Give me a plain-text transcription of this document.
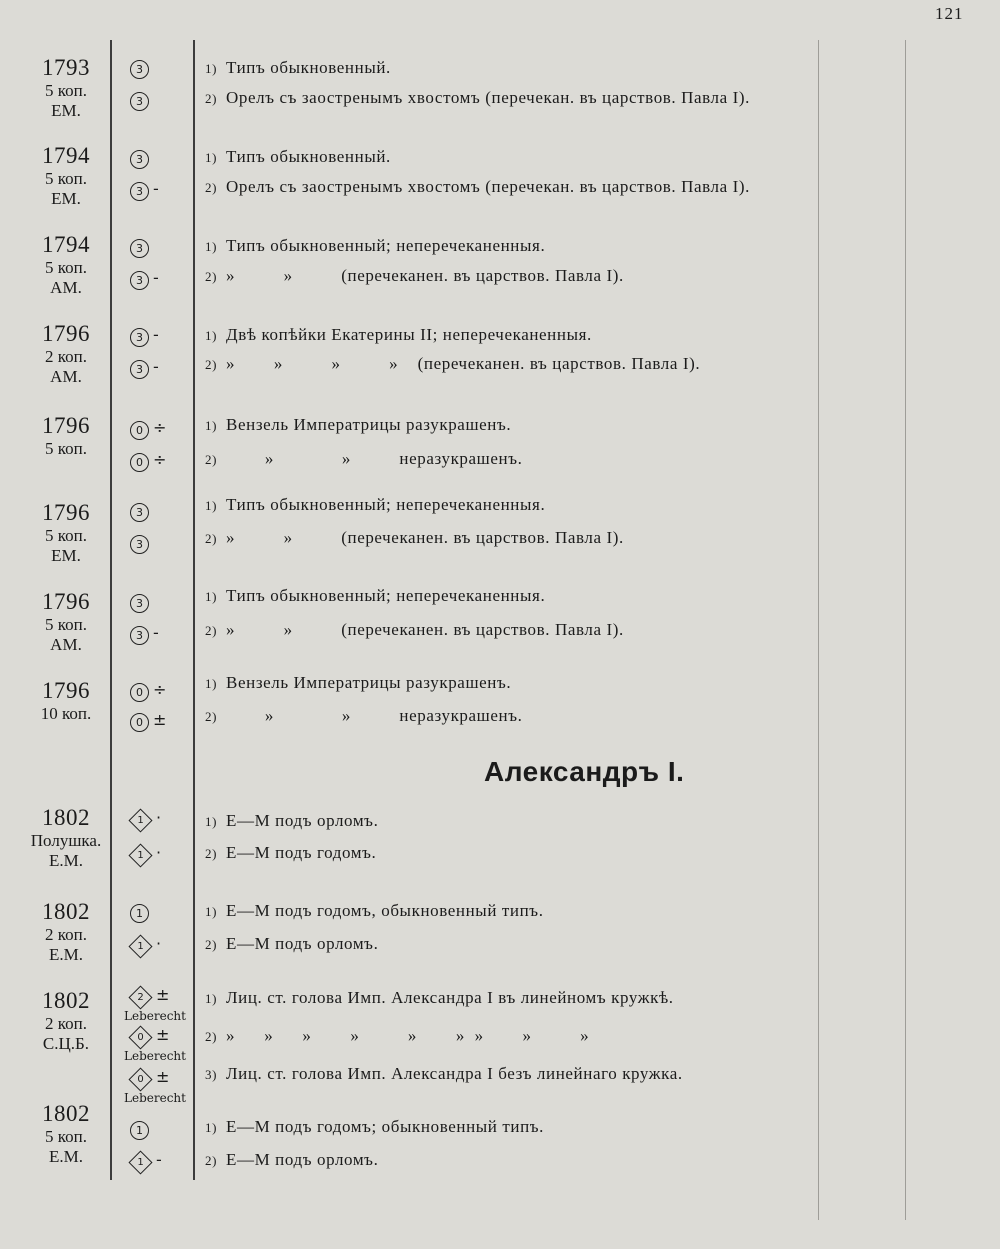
121
Александръ I.
1793
5 коп.
ЕМ.
3
3
1) Типъ обыкновенный.
2) Орелъ съ заостренымъ хвостомъ (перечекан. въ царствов. Павла I).
1794
5 коп.
ЕМ.
3
3 -
1) Типъ обыкновенный.
2) Орелъ съ заостренымъ хвостомъ (перечекан. въ царствов. Павла I).
1794
5 коп.
АМ.
3
3 -
1) Типъ обыкновенный; неперечеканенныя.
2) »          »          (перечеканен. въ царствов. Павла I).
1796
2 коп.
АМ.
3 -
3 -
1) Двѣ копѣйки Екатерины II; неперечеканенныя.
2) »        »          »          »    (перечеканен. въ царствов. Павла I).
1796
5 коп.
0 ÷
0 ÷
1) Вензель Императрицы разукрашенъ.
2)        »              »          неразукрашенъ.
1796
5 коп.
ЕМ.
3
3
1) Типъ обыкновенный; неперечеканенныя.
2) »          »          (перечеканен. въ царствов. Павла I).
1796
5 коп.
АМ.
3
3 -
1) Типъ обыкновенный; неперечеканенныя.
2) »          »          (перечеканен. въ царствов. Павла I).
1796
10 коп.
0 ÷
0 ±
1) Вензель Императрицы разукрашенъ.
2)        »              »          неразукрашенъ.
1802
Полушка.
Е.М.
1 ·
1 ·
1) Е—М подъ орломъ.
2) Е—М подъ годомъ.
1802
2 коп.
Е.М.
1
1 ·
1) Е—М подъ годомъ, обыкновенный типъ.
2) Е—М подъ орломъ.
1802
2 коп.
С.Ц.Б.
2 ±
Leberecht
0 ±
Leberecht
0 ±
Leberecht
1) Лиц. ст. голова Имп. Александра I въ линейномъ кружкѣ.
2) »      »      »        »          »        »  »        »          »
3) Лиц. ст. голова Имп. Александра I безъ линейнаго кружка.
1802
5 коп.
Е.М.
1
1 -
1) Е—М подъ годомъ; обыкновенный типъ.
2) Е—М подъ орломъ.
